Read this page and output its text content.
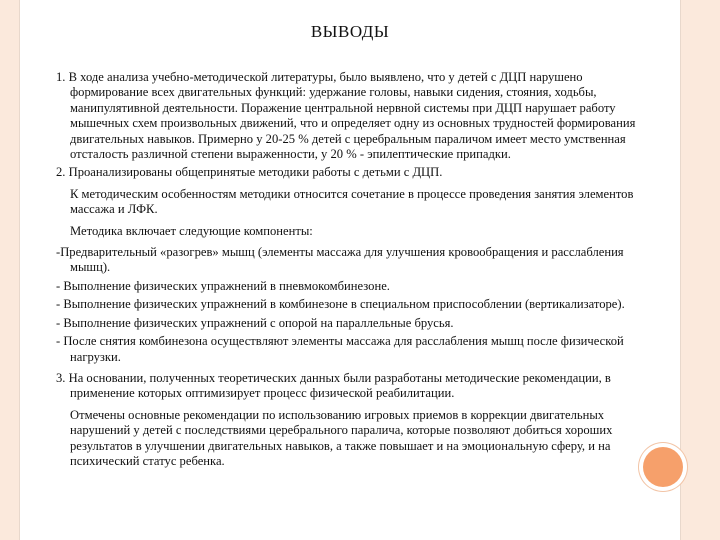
ВЫВОДЫ

1. В ходе анализа учебно-методической литературы, было выявлено, что у детей с ДЦП нарушено формирование всех двигательных функций: удержание головы, навыки сидения, стояния, ходьбы, манипулятивной деятельности. Поражение центральной нервной системы при ДЦП нарушает работу мышечных схем произвольных движений, что и определяет одну из основных трудностей формирования двигательных навыков. Примерно у 20-25 % детей с церебральным параличом имеет место умственная отсталость различной степени выраженности, у 20 % - эпилептические припадки.

2. Проанализированы общепринятые методики работы с детьми с ДЦП.

К методическим особенностям методики относится сочетание в процессе проведения занятия элементов массажа и ЛФК.

Методика включает следующие компоненты:

-Предварительный «разогрев» мышц (элементы массажа для улучшения кровообращения и расслабления мышц).

- Выполнение физических упражнений в пневмокомбинезоне.

- Выполнение физических упражнений в комбинезоне в специальном приспособлении (вертикализаторе).

- Выполнение физических упражнений с опорой на параллельные брусья.

- После снятия комбинезона осуществляют элементы массажа для расслабления мышц после физической нагрузки.

3. На основании, полученных теоретических данных были разработаны методические рекомендации, в применение которых оптимизирует процесс физической реабилитации.

Отмечены основные рекомендации по использованию игровых приемов в коррекции двигательных нарушений у детей с последствиями церебрального паралича, которые позволяют добиться хороших результатов в улучшении двигательных навыков, а также повышает и на эмоциональную сферу, и на психический статус ребенка.
